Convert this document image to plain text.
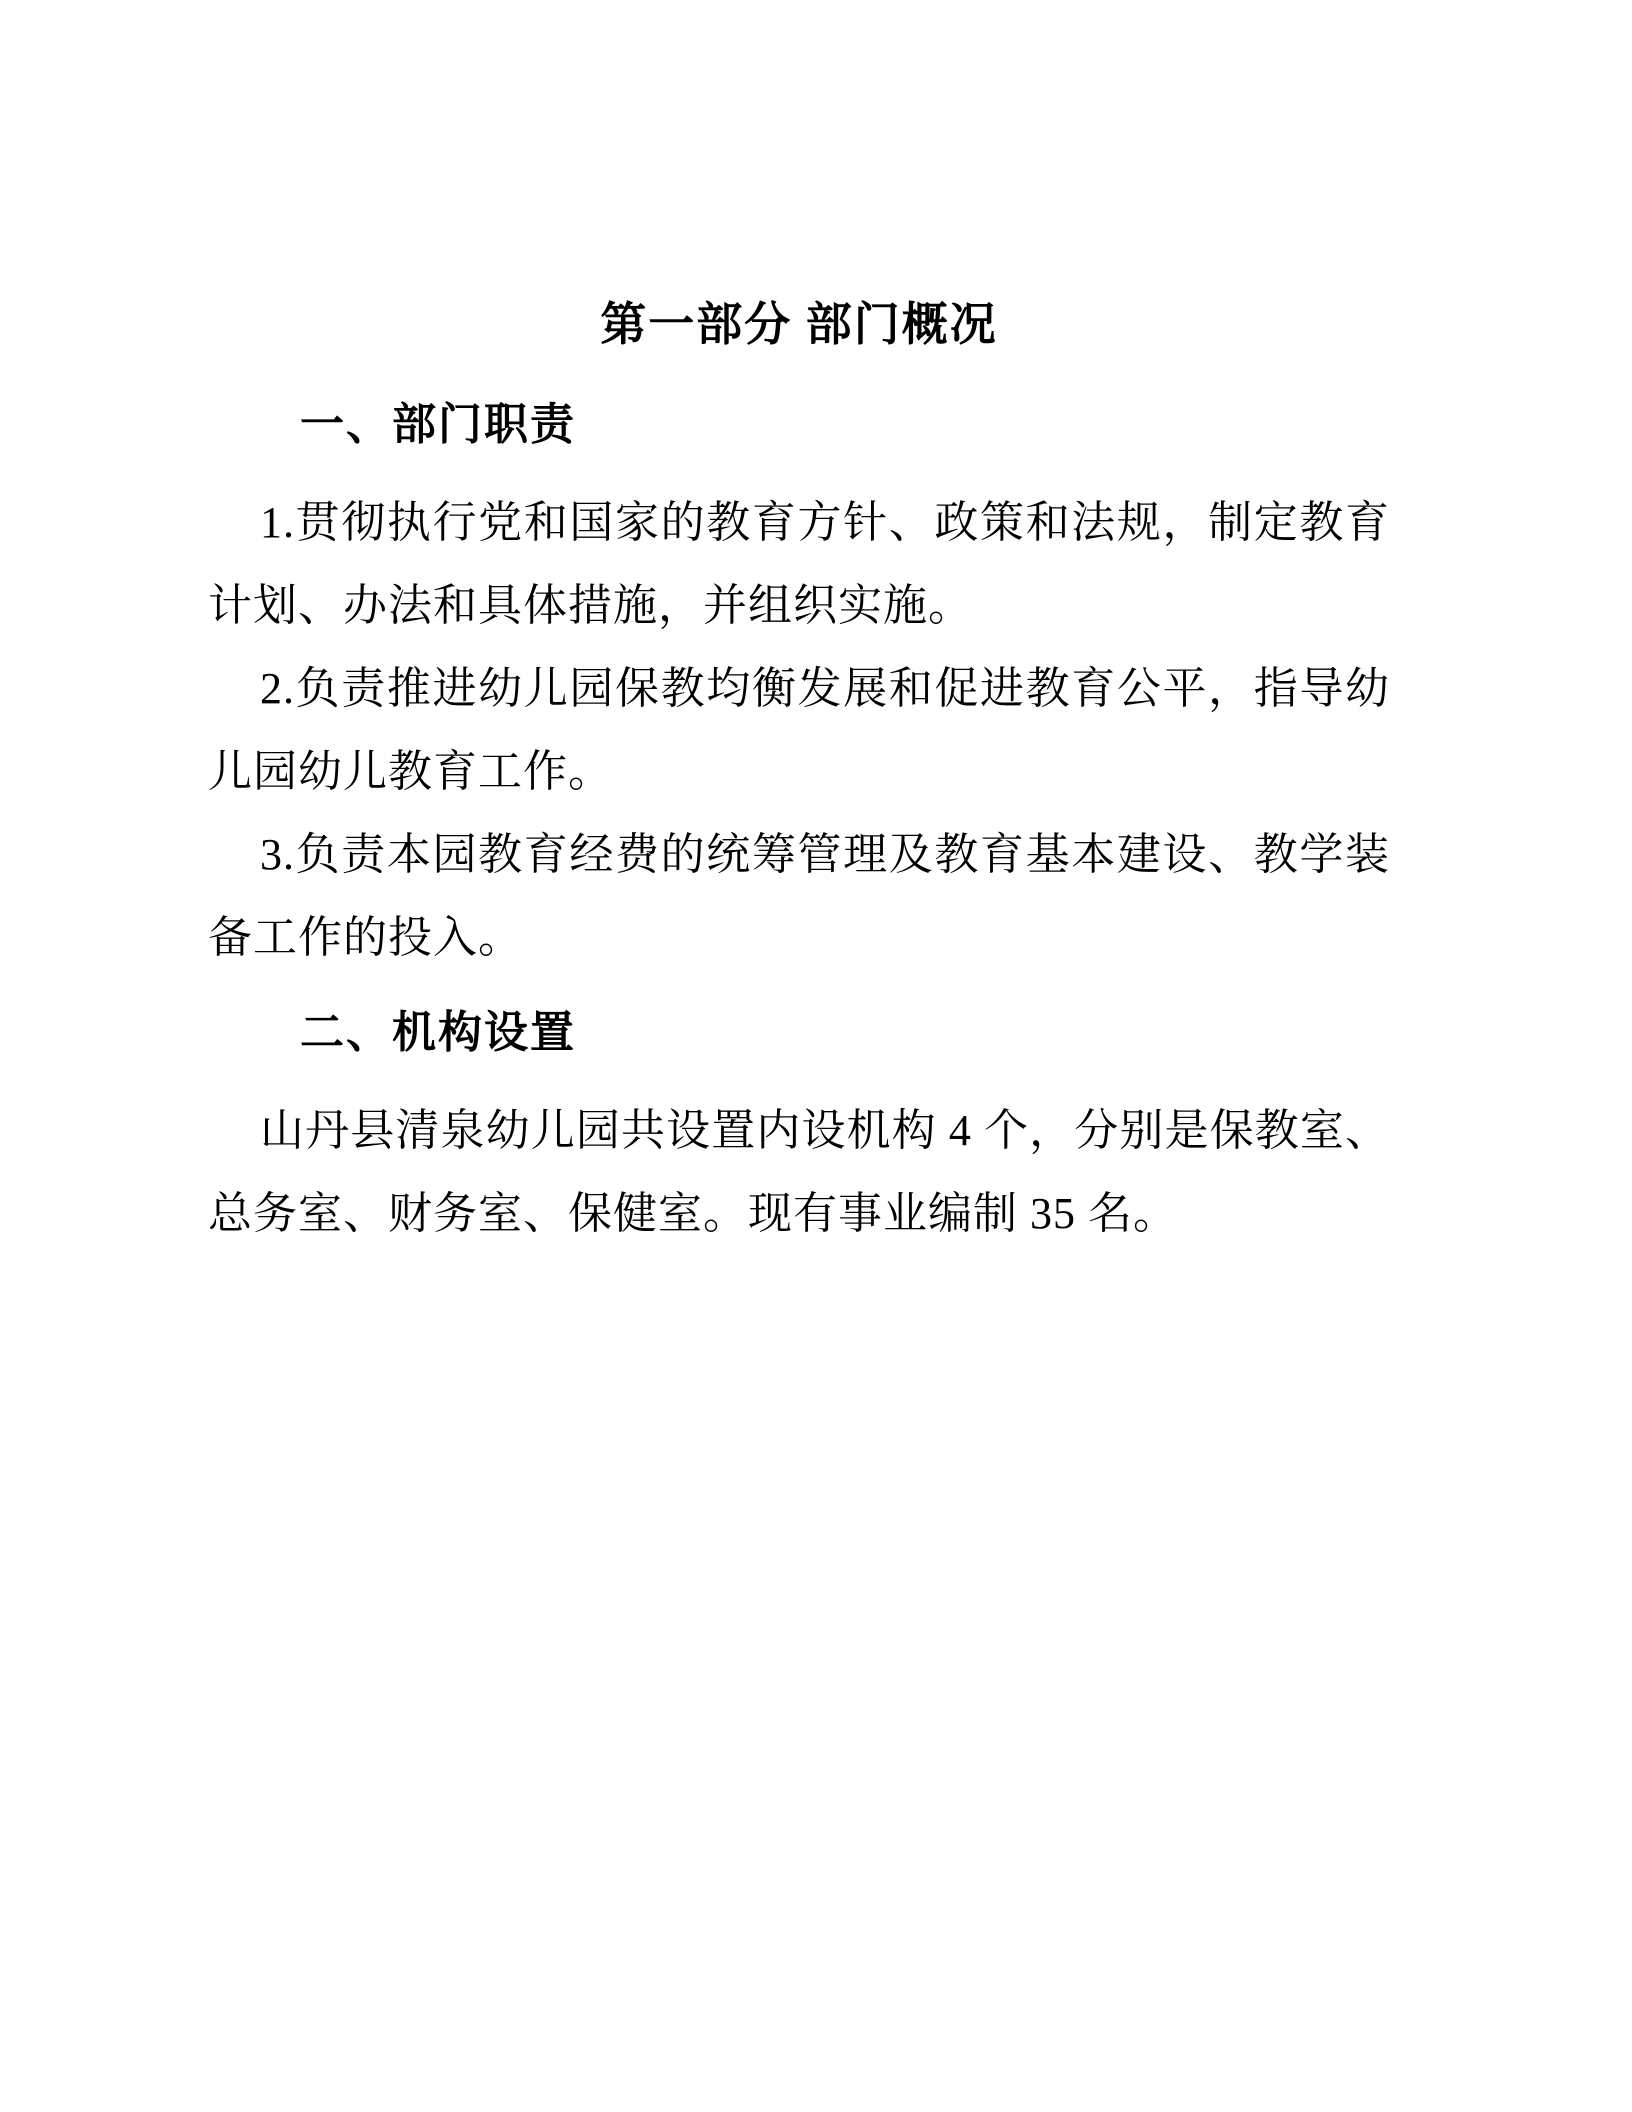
第一部分 部门概况
一、部门职责
1.贯彻执行党和国家的教育方针、政策和法规，制定教育计划、办法和具体措施，并组织实施。
2.负责推进幼儿园保教均衡发展和促进教育公平，指导幼儿园幼儿教育工作。
3.负责本园教育经费的统筹管理及教育基本建设、教学装备工作的投入。
二、机构设置
山丹县清泉幼儿园共设置内设机构 4 个，分别是保教室、总务室、财务室、保健室。现有事业编制 35 名。
